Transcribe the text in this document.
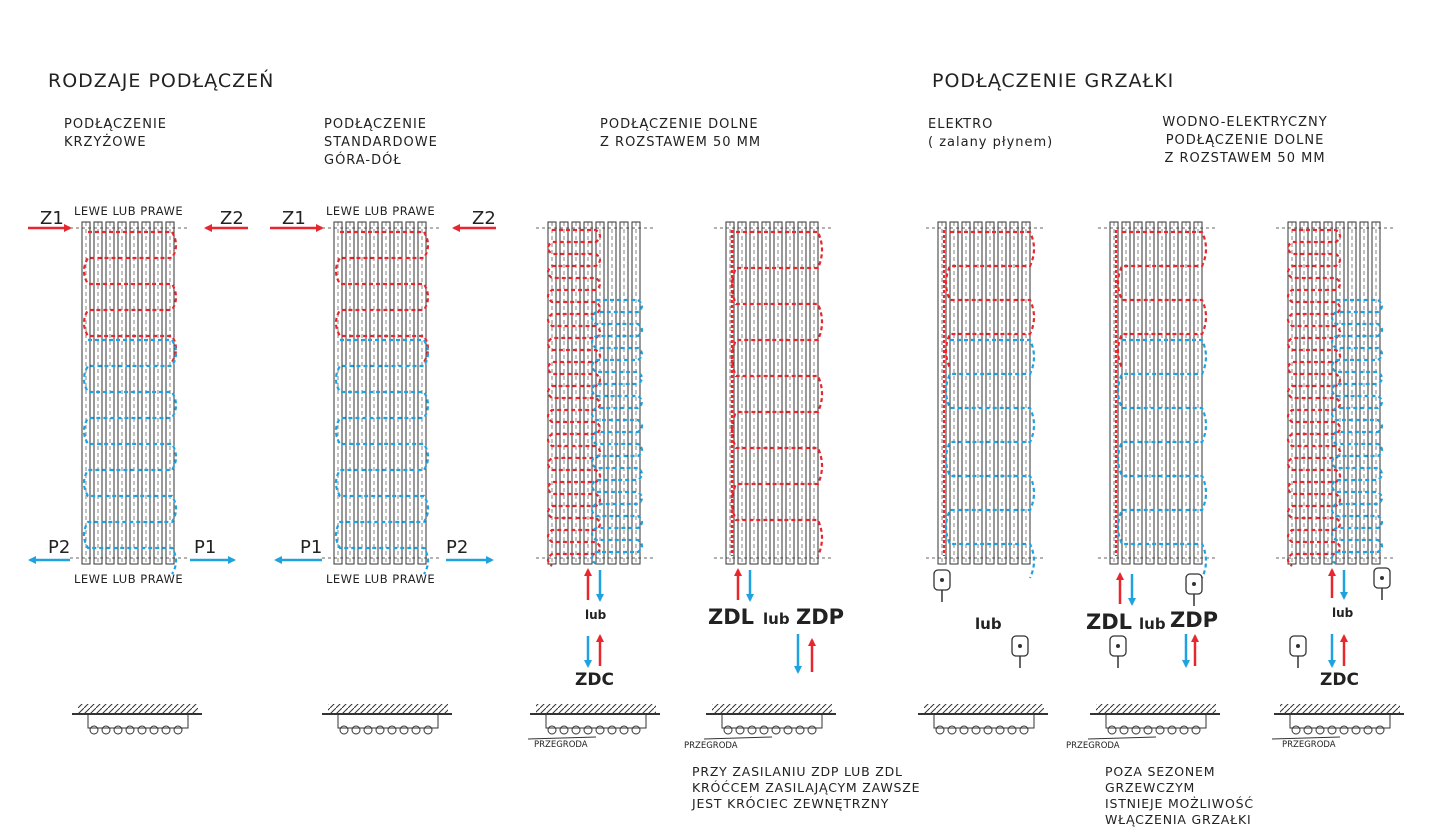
RODZAJE PODŁĄCZEŃ	PODŁĄCZENIE GRZAŁKI
PODŁĄCZENIE
KRZYŻOWE
PODŁĄCZENIE
STANDARDOWE
GÓRA-DÓŁ
PODŁĄCZENIE DOLNE
Z ROZSTAWEM 50 MM
ELEKTRO
( zalany płynem)
WODNO-ELEKTRYCZNY
PODŁĄCZENIE DOLNE
Z ROZSTAWEM 50 MM
LEWE LUB PRAWE
LEWE LUB PRAWE
Z1	Z2
P2	P1
LEWE LUB PRAWE
LEWE LUB PRAWE
Z1	Z2
P1	P2
lub
ZDC
ZDL lub ZDP	lub	ZDL lub ZDP	lub
ZDC
PRZEGRODA	PRZEGRODA	PRZEGRODA	PRZEGRODA
PRZY ZASILANIU ZDP LUB ZDL
KRÓĆCEM ZASILAJĄCYM ZAWSZE
JEST KRÓCIEC ZEWNĘTRZNY
POZA SEZONEM
GRZEWCZYM
ISTNIEJE MOŻLIWOŚĆ
WŁĄCZENIA GRZAŁKI
